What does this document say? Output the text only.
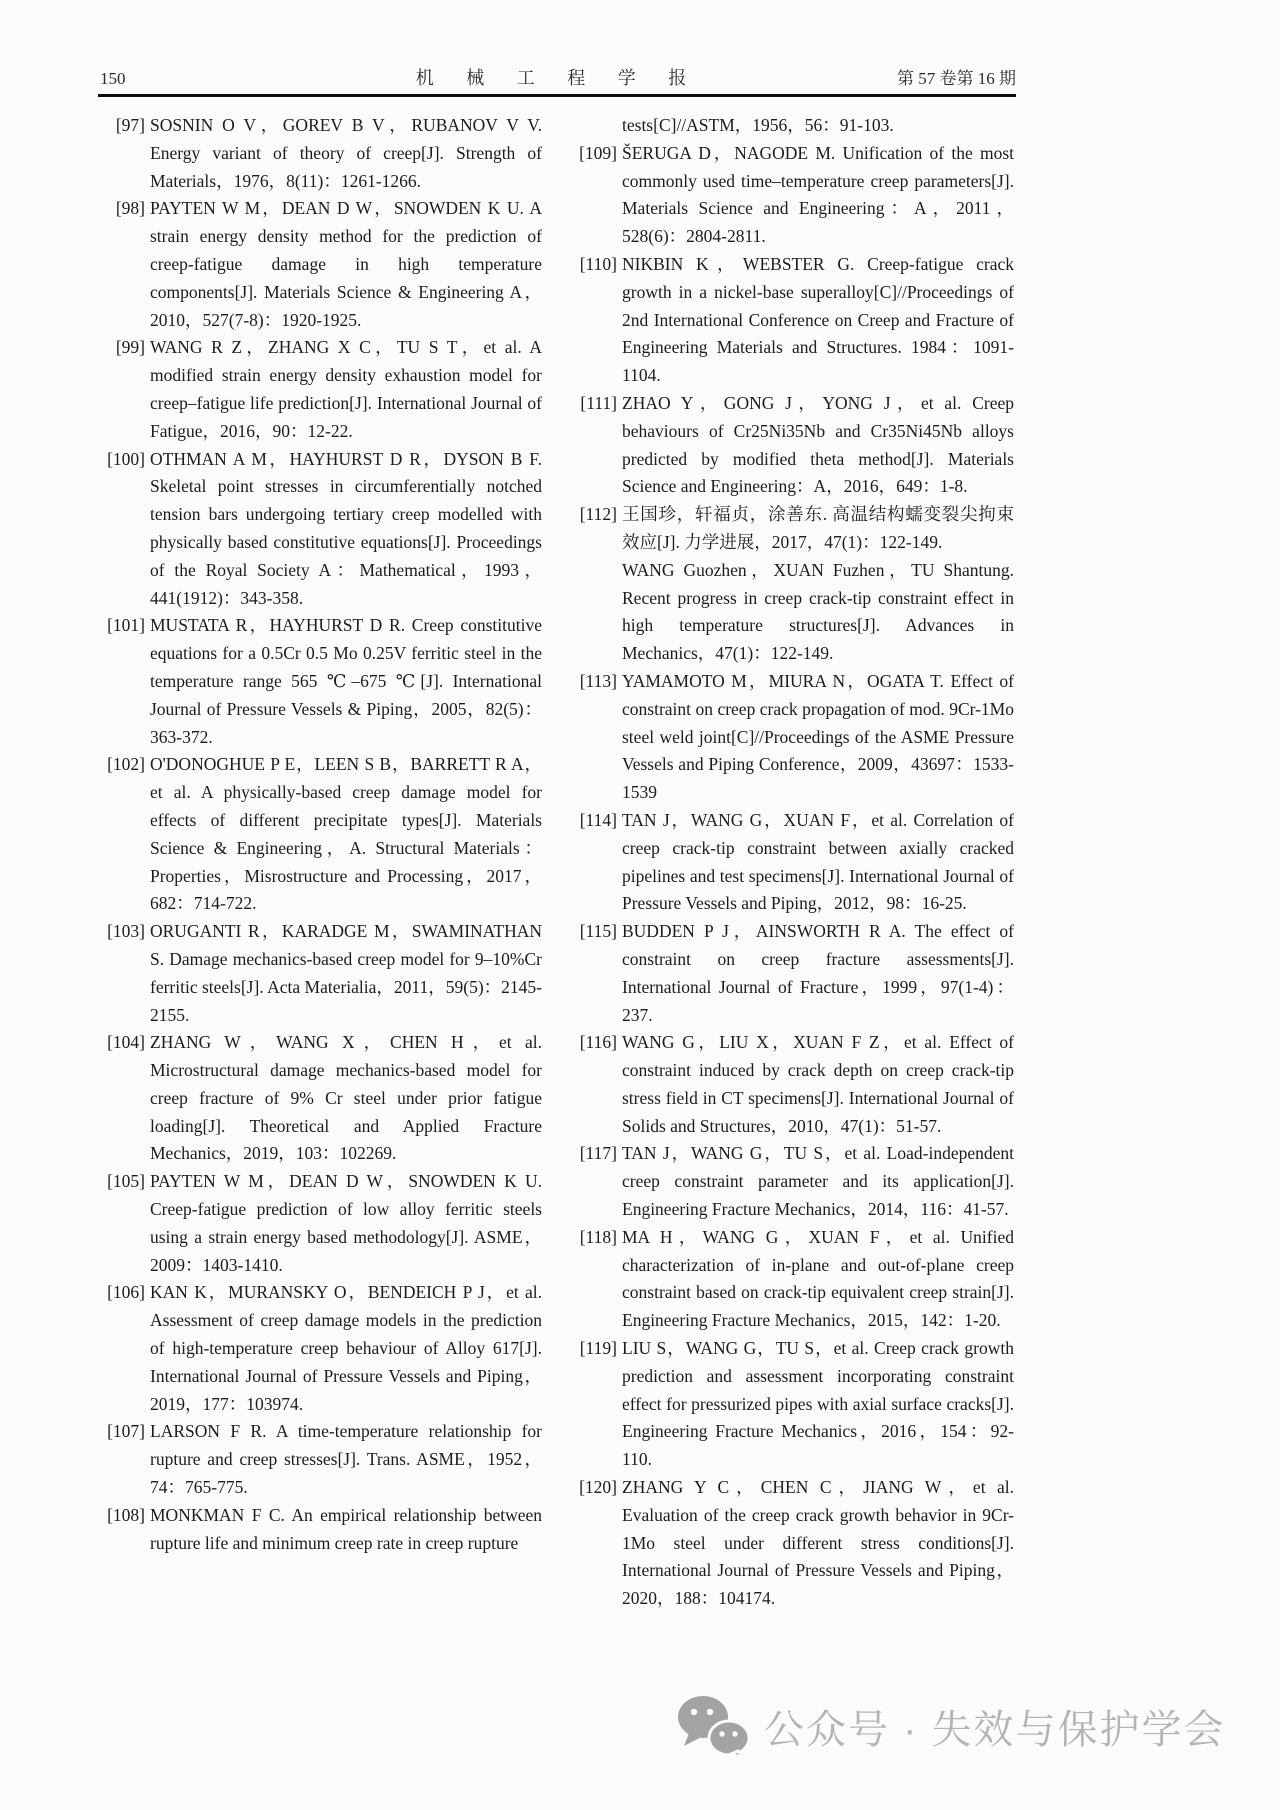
150	机 械 工 程 学 报	第 57 卷第 16 期
[97] SOSNIN O V，GOREV B V，RUBANOV V V. Energy variant of theory of creep[J]. Strength of Materials，1976，8(11)：1261-1266.

[98] PAYTEN W M，DEAN D W，SNOWDEN K U. A strain energy density method for the prediction of creep-fatigue damage in high temperature components[J]. Materials Science & Engineering A，2010，527(7-8)：1920-1925.

[99] WANG R Z，ZHANG X C，TU S T，et al. A modified strain energy density exhaustion model for creep–fatigue life prediction[J]. International Journal of Fatigue，2016，90：12-22.

[100] OTHMAN A M，HAYHURST D R，DYSON B F. Skeletal point stresses in circumferentially notched tension bars undergoing tertiary creep modelled with physically based constitutive equations[J]. Proceedings of the Royal Society A：Mathematical，1993，441(1912)：343-358.

[101] MUSTATA R，HAYHURST D R. Creep constitutive equations for a 0.5Cr 0.5 Mo 0.25V ferritic steel in the temperature range 565 ℃–675 ℃[J]. International Journal of Pressure Vessels & Piping，2005，82(5)：363-372.

[102] O'DONOGHUE P E，LEEN S B，BARRETT R A，et al. A physically-based creep damage model for effects of different precipitate types[J]. Materials Science & Engineering，A. Structural Materials：Properties，Misrostructure and Processing，2017，682：714-722.

[103] ORUGANTI R，KARADGE M，SWAMINATHAN S. Damage mechanics-based creep model for 9–10%Cr ferritic steels[J]. Acta Materialia，2011，59(5)：2145-2155.

[104] ZHANG W，WANG X，CHEN H，et al. Microstructural damage mechanics-based model for creep fracture of 9% Cr steel under prior fatigue loading[J]. Theoretical and Applied Fracture Mechanics，2019，103：102269.

[105] PAYTEN W M，DEAN D W，SNOWDEN K U. Creep-fatigue prediction of low alloy ferritic steels using a strain energy based methodology[J]. ASME，2009：1403-1410.

[106] KAN K，MURANSKY O，BENDEICH P J，et al. Assessment of creep damage models in the prediction of high-temperature creep behaviour of Alloy 617[J]. International Journal of Pressure Vessels and Piping，2019，177：103974.

[107] LARSON F R. A time-temperature relationship for rupture and creep stresses[J]. Trans. ASME，1952，74：765-775.

[108] MONKMAN F C. An empirical relationship between rupture life and minimum creep rate in creep rupture

tests[C]//ASTM，1956，56：91-103.

[109] ŠERUGA D，NAGODE M. Unification of the most commonly used time–temperature creep parameters[J]. Materials Science and Engineering：A，2011，528(6)：2804-2811.

[110] NIKBIN K，WEBSTER G. Creep-fatigue crack growth in a nickel-base superalloy[C]//Proceedings of 2nd International Conference on Creep and Fracture of Engineering Materials and Structures. 1984：1091-1104.

[111] ZHAO Y，GONG J，YONG J，et al. Creep behaviours of Cr25Ni35Nb and Cr35Ni45Nb alloys predicted by modified theta method[J]. Materials Science and Engineering：A，2016，649：1-8.

[112] 王国珍，轩福贞，涂善东. 高温结构蠕变裂尖拘束效应[J]. 力学进展，2017，47(1)：122-149.

WANG Guozhen，XUAN Fuzhen，TU Shantung. Recent progress in creep crack-tip constraint effect in high temperature structures[J]. Advances in Mechanics，47(1)：122-149.

[113] YAMAMOTO M，MIURA N，OGATA T. Effect of constraint on creep crack propagation of mod. 9Cr-1Mo steel weld joint[C]//Proceedings of the ASME Pressure Vessels and Piping Conference，2009，43697：1533-1539

[114] TAN J，WANG G，XUAN F，et al. Correlation of creep crack-tip constraint between axially cracked pipelines and test specimens[J]. International Journal of Pressure Vessels and Piping，2012，98：16-25.

[115] BUDDEN P J，AINSWORTH R A. The effect of constraint on creep fracture assessments[J]. International Journal of Fracture，1999，97(1-4)：237.

[116] WANG G，LIU X，XUAN F Z，et al. Effect of constraint induced by crack depth on creep crack-tip stress field in CT specimens[J]. International Journal of Solids and Structures，2010，47(1)：51-57.

[117] TAN J，WANG G，TU S，et al. Load-independent creep constraint parameter and its application[J]. Engineering Fracture Mechanics，2014，116：41-57.

[118] MA H，WANG G，XUAN F，et al. Unified characterization of in-plane and out-of-plane creep constraint based on crack-tip equivalent creep strain[J]. Engineering Fracture Mechanics，2015，142：1-20.

[119] LIU S，WANG G，TU S，et al. Creep crack growth prediction and assessment incorporating constraint effect for pressurized pipes with axial surface cracks[J]. Engineering Fracture Mechanics，2016，154：92-110.

[120] ZHANG Y C，CHEN C，JIANG W，et al. Evaluation of the creep crack growth behavior in 9Cr-1Mo steel under different stress conditions[J]. International Journal of Pressure Vessels and Piping，2020，188：104174.

公众号 · 失效与保护学会
